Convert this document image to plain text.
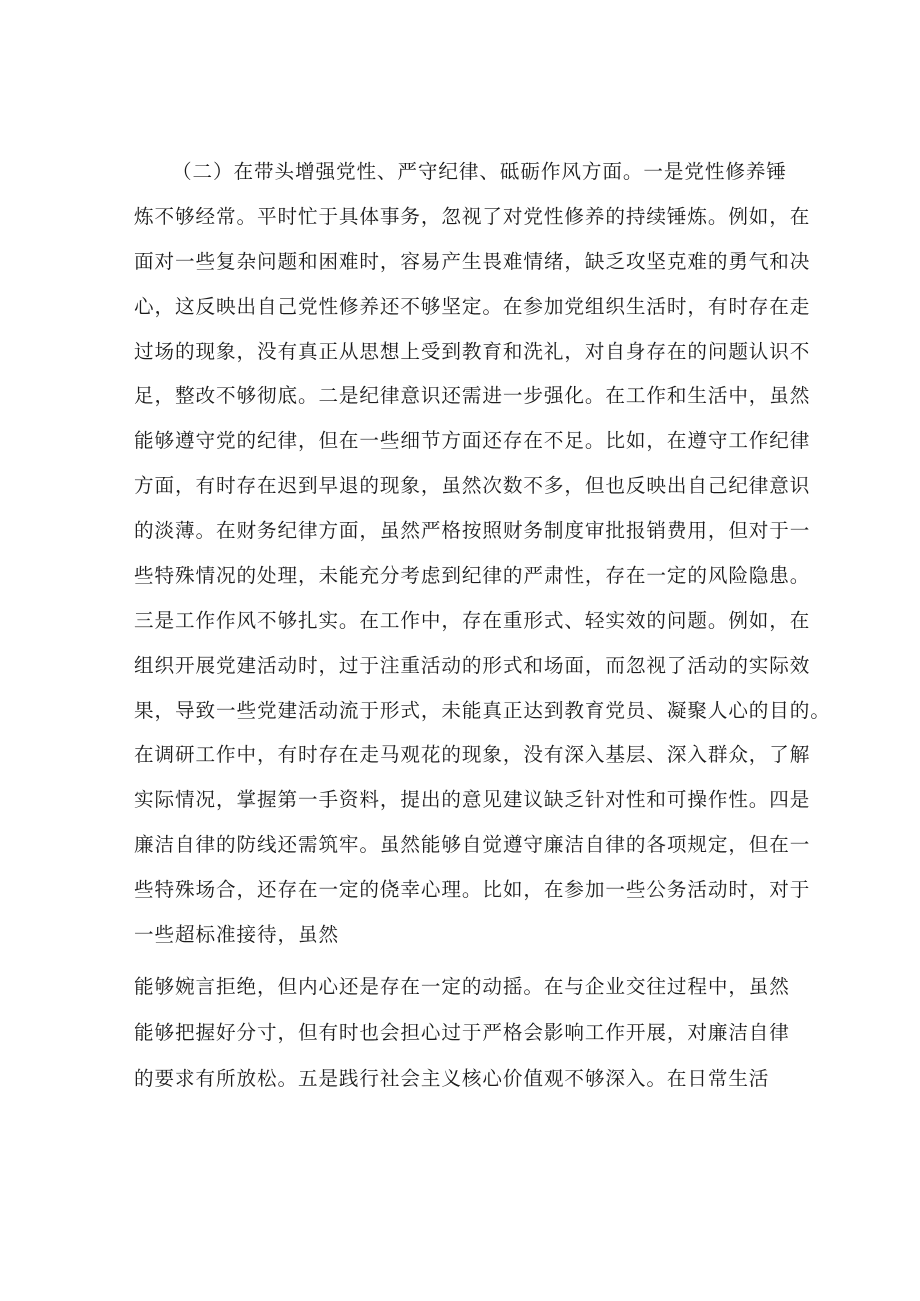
（二）在带头增强党性、严守纪律、砥砺作风方面。一是党性修养锤

炼不够经常。平时忙于具体事务，忽视了对党性修养的持续锤炼。例如，在

面对一些复杂问题和困难时，容易产生畏难情绪，缺乏攻坚克难的勇气和决

心，这反映出自己党性修养还不够坚定。在参加党组织生活时，有时存在走

过场的现象，没有真正从思想上受到教育和洗礼，对自身存在的问题认识不

足，整改不够彻底。二是纪律意识还需进一步强化。在工作和生活中，虽然

能够遵守党的纪律，但在一些细节方面还存在不足。比如，在遵守工作纪律

方面，有时存在迟到早退的现象，虽然次数不多，但也反映出自己纪律意识

的淡薄。在财务纪律方面，虽然严格按照财务制度审批报销费用，但对于一

些特殊情况的处理，未能充分考虑到纪律的严肃性，存在一定的风险隐患。

三是工作作风不够扎实。在工作中，存在重形式、轻实效的问题。例如，在

组织开展党建活动时，过于注重活动的形式和场面，而忽视了活动的实际效

果，导致一些党建活动流于形式，未能真正达到教育党员、凝聚人心的目的。

在调研工作中，有时存在走马观花的现象，没有深入基层、深入群众，了解

实际情况，掌握第一手资料，提出的意见建议缺乏针对性和可操作性。四是

廉洁自律的防线还需筑牢。虽然能够自觉遵守廉洁自律的各项规定，但在一

些特殊场合，还存在一定的侥幸心理。比如，在参加一些公务活动时，对于

一些超标准接待，虽然

能够婉言拒绝，但内心还是存在一定的动摇。在与企业交往过程中，虽然

能够把握好分寸，但有时也会担心过于严格会影响工作开展，对廉洁自律

的要求有所放松。五是践行社会主义核心价值观不够深入。在日常生活
